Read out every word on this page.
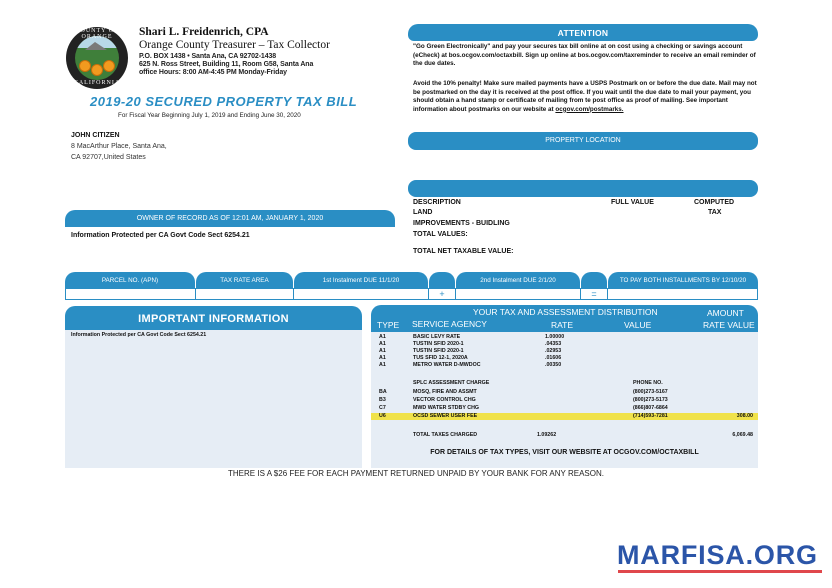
COUNTY OF ORANGE
CALIFORNIA
Shari L. Freidenrich, CPA
Orange County Treasurer – Tax Collector
P.O. BOX 1438 • Santa Ana, CA 92702-1438
625 N. Ross Street, Building 11, Room G58, Santa Ana
office Hours: 8:00 AM-4:45 PM Monday-Friday
2019-20 SECURED PROPERTY TAX BILL
For Fiscal Year Beginning July 1, 2019 and Ending June 30, 2020
JOHN CITIZEN
8 MacArthur Place, Santa Ana,
CA 92707,United States
OWNER OF RECORD AS OF 12:01 AM, JANUARY 1, 2020
Information Protected per CA Govt Code Sect 6254.21
ATTENTION
"Go Green Electronically" and pay your secures tax bill online at on cost using a checking or savings account (eCheck) at bos.ocgov.com/octaxbill. Sign up online at bos.ocgov.com/taxreminder to receive an email reminder of the due dates.
Avoid the 10% penalty! Make sure mailed payments have a USPS Postmark on or before the due date. Mail may not be postmarked on the day it is received at the post office. If you wait until the due date to mail your payment, you should obtain a hand stamp or certificate of mailing from te post office as proof of mailing. See important information about postmarks on our website at ocgov.com/postmarks.
PROPERTY LOCATION
DESCRIPTION	FULL VALUE	COMPUTED
TAX
LAND
IMPROVEMENTS - BUIDLING
TOTAL VALUES:
TOTAL NET TAXABLE VALUE:
PARCEL NO. (APN)	TAX RATE AREA	1st Instalment DUE 11/1/20	2nd Instalment DUE 2/1/20	TO PAY BOTH INSTALLMENTS BY 12/10/20
+	=
IMPORTANT INFORMATION
Information Protected per CA Govt Code Sect 6254.21
YOUR TAX AND ASSESSMENT DISTRIBUTION	AMOUNT
TYPE SERVICE AGENCY	RATE	VALUE	RATE VALUE
A1	BASIC LEVY RATE	1.00000
A1	TUSTIN SFID 2020-1	.04353
A1	TUSTIN SFID 2020-1	.02953
A1	TUS SFID 12-1, 2020A	.01606
A1	METRO WATER D-MWDOC	.00350
SPLC ASSESSMENT CHARGE	PHONE NO.
BA	MOSQ, FIRE AND ASSMT	(800)273-5167
B3	VECTOR CONTROL CHG	(800)273-5173
C7	MWD WATER STDBY CHG	(866)807-6864
U6	OCSD SEWER USER FEE	(714)593-7281	308.00
TOTAL TAXES CHARGED	1.09262	6,069.48
FOR DETAILS OF TAX TYPES, VISIT OUR WEBSITE AT OCGOV.COM/OCTAXBILL
THERE IS A $26 FEE FOR EACH PAYMENT RETURNED UNPAID BY YOUR BANK FOR ANY REASON.
MARFISA.ORG
